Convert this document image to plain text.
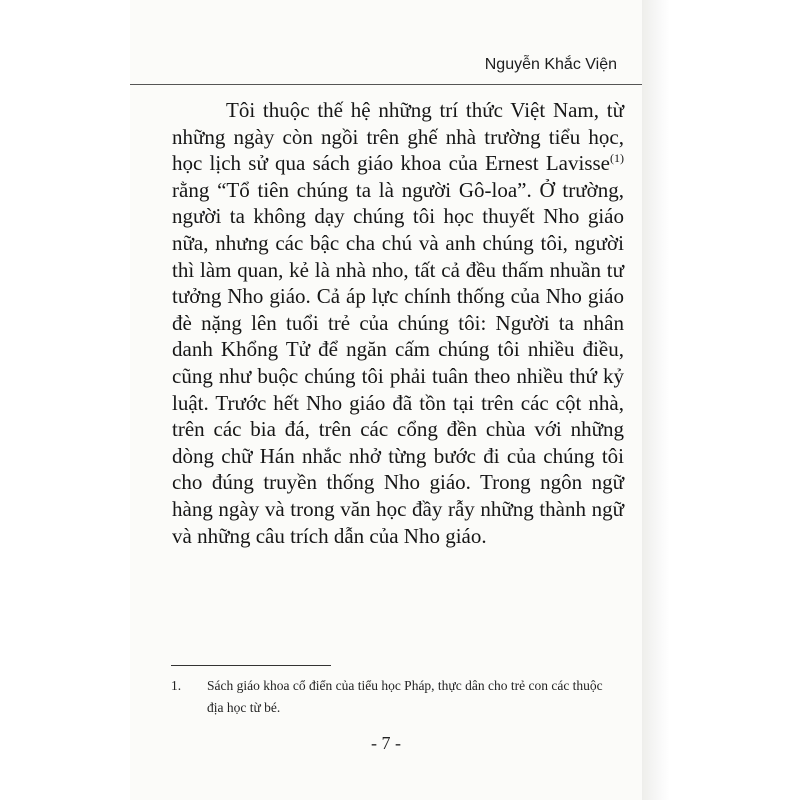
Nguyễn Khắc Viện

Tôi thuộc thế hệ những trí thức Việt Nam, từ những ngày còn ngồi trên ghế nhà trường tiểu học, học lịch sử qua sách giáo khoa của Ernest Lavisse$^{(1)}$ rằng “Tổ tiên chúng ta là người Gô-loa”. Ở trường, người ta không dạy chúng tôi học thuyết Nho giáo nữa, nhưng các bậc cha chú và anh chúng tôi, người thì làm quan, kẻ là nhà nho, tất cả đều thấm nhuần tư tưởng Nho giáo. Cả áp lực chính thống của Nho giáo đè nặng lên tuổi trẻ của chúng tôi: Người ta nhân danh Khổng Tử để ngăn cấm chúng tôi nhiều điều, cũng như buộc chúng tôi phải tuân theo nhiều thứ kỷ luật. Trước hết Nho giáo đã tồn tại trên các cột nhà, trên các bia đá, trên các cổng đền chùa với những dòng chữ Hán nhắc nhở từng bước đi của chúng tôi cho đúng truyền thống Nho giáo. Trong ngôn ngữ hàng ngày và trong văn học đầy rẫy những thành ngữ và những câu trích dẫn của Nho giáo.

1. Sách giáo khoa cổ điển của tiểu học Pháp, thực dân cho trẻ con các thuộc địa học từ bé.
- 7 -
